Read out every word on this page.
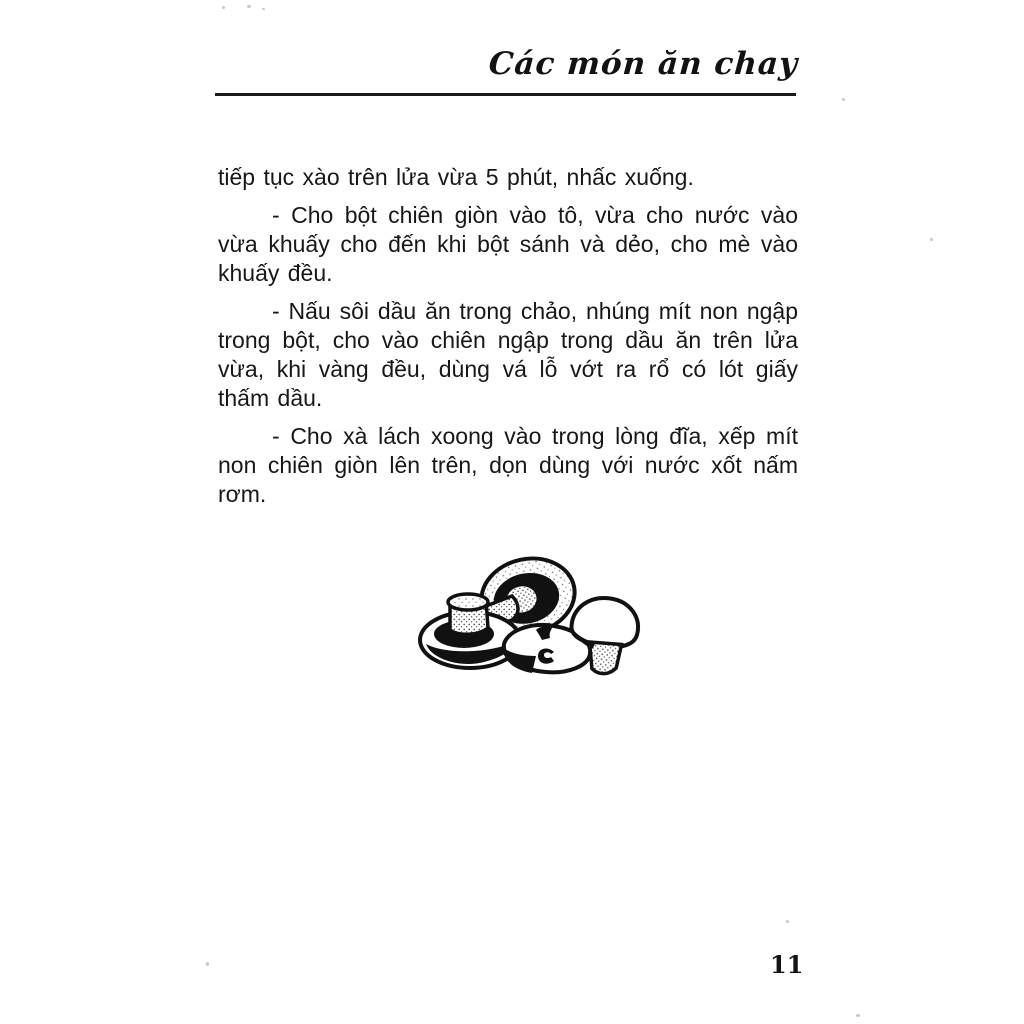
Các món ăn chay

tiếp tục xào trên lửa vừa 5 phút, nhấc xuống.

- Cho bột chiên giòn vào tô, vừa cho nước vào vừa khuấy cho đến khi bột sánh và dẻo, cho mè vào khuấy đều.

- Nấu sôi dầu ăn trong chảo, nhúng mít non ngập trong bột, cho vào chiên ngập trong dầu ăn trên lửa vừa, khi vàng đều, dùng vá lỗ vớt ra rổ có lót giấy thấm dầu.

- Cho xà lách xoong vào trong lòng đĩa, xếp mít non chiên giòn lên trên, dọn dùng với nước xốt nấm rơm.

11
